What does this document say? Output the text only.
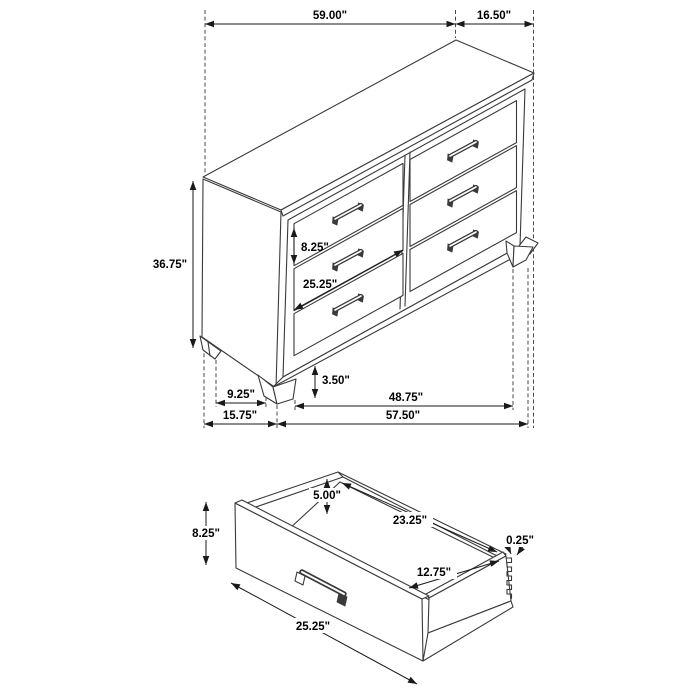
59.00"	16.50"
36.75"
8.25"
25.25"
3.50"
9.25"
15.75"
48.75"
57.50"
8.25"
5.00"
23.25"
12.75"
0.25"
25.25"
